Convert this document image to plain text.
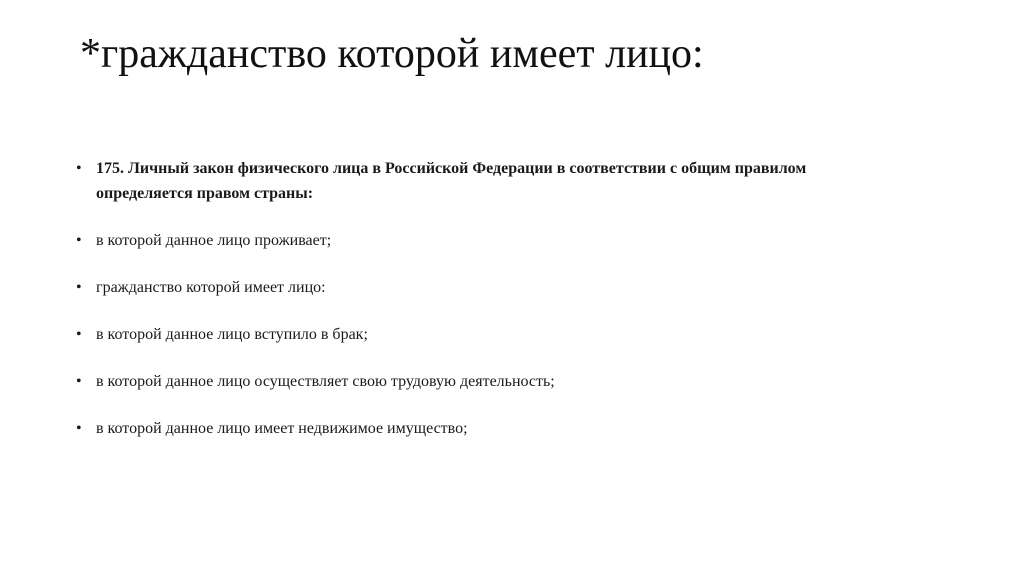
*гражданство которой имеет лицо:
• 175. Личный закон физического лица в Российской Федерации в соответствии с общим правилом определяется правом страны:
• в которой данное лицо проживает;
• гражданство которой имеет лицо:
• в которой данное лицо вступило в брак;
• в которой данное лицо осуществляет свою трудовую деятельность;
• в которой данное лицо имеет недвижимое имущество;
